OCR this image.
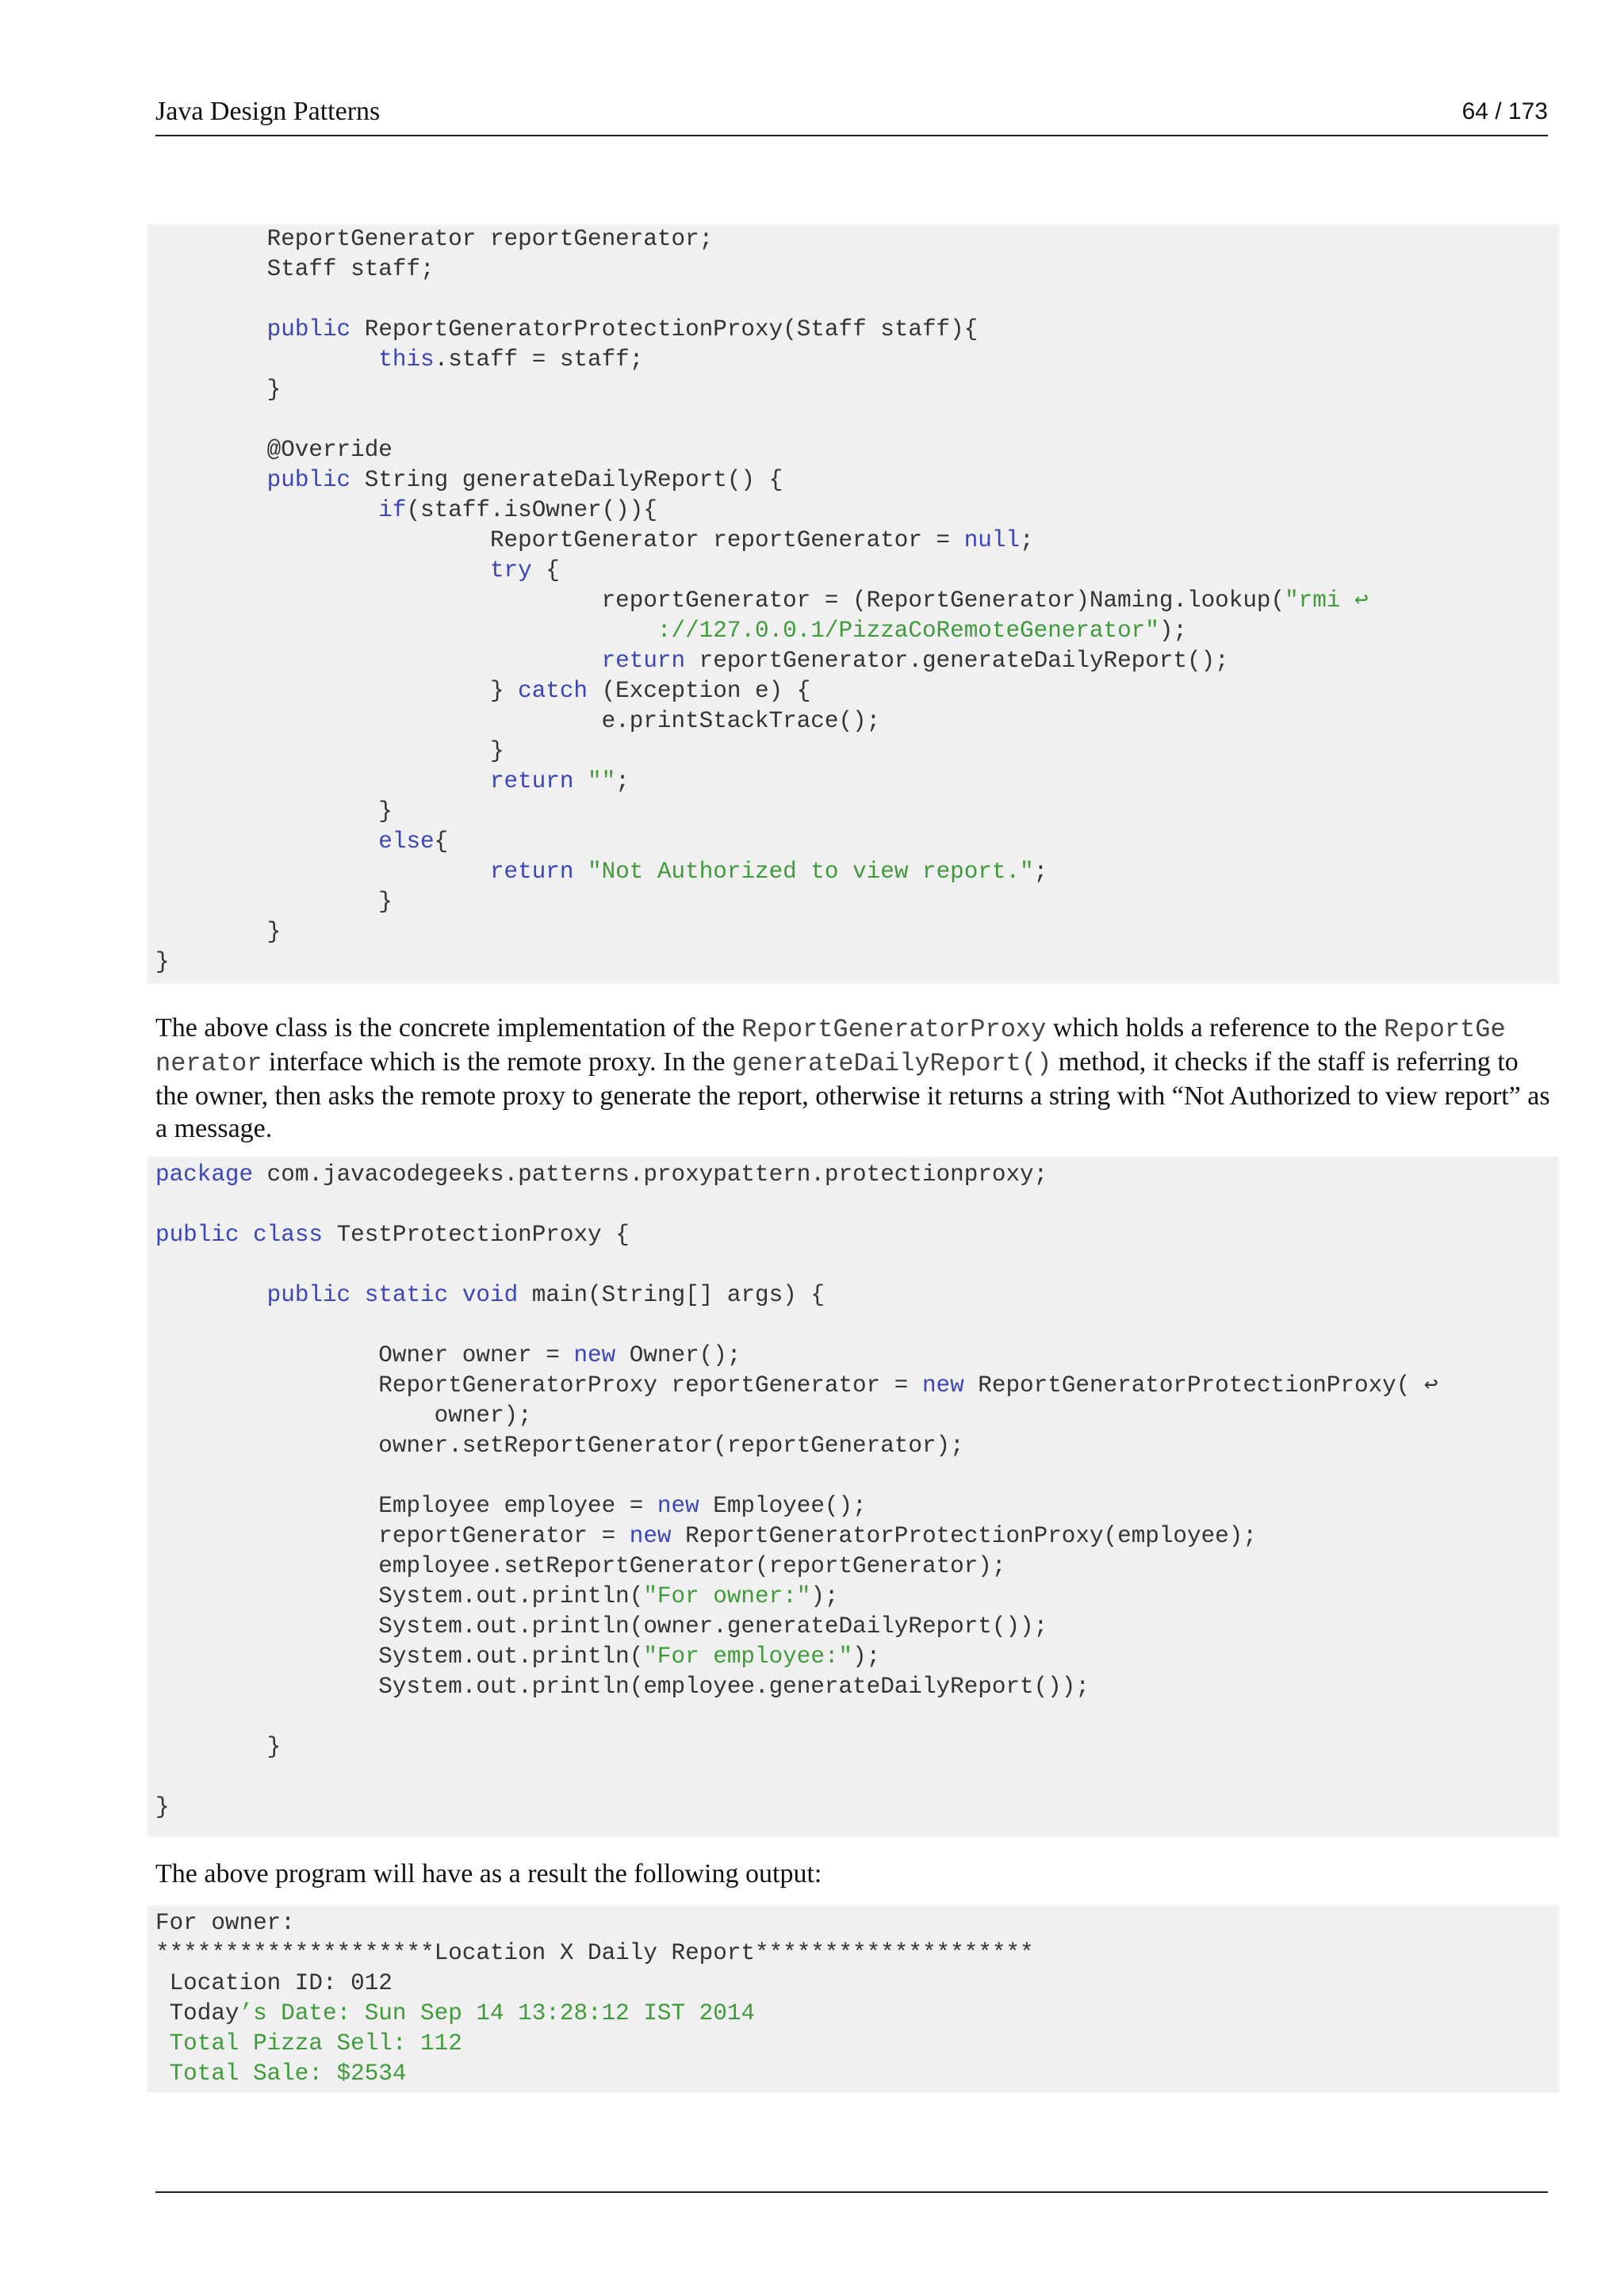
Java Design Patterns	64 / 173
ReportGenerator reportGenerator;
Staff staff;
public ReportGeneratorProtectionProxy(Staff staff){
this.staff = staff;
}
@Override
public String generateDailyReport() {
if(staff.isOwner()){
ReportGenerator reportGenerator = null;
try {
reportGenerator = (ReportGenerator)Naming.lookup("rmi ↩
://127.0.0.1/PizzaCoRemoteGenerator");
return reportGenerator.generateDailyReport();
} catch (Exception e) {
e.printStackTrace();
}
return "";
}
else{
return "Not Authorized to view report.";
}
}
}

The above class is the concrete implementation of the ReportGeneratorProxy which holds a reference to the ReportGe nerator interface which is the remote proxy. In the generateDailyReport() method, it checks if the staff is referring to the owner, then asks the remote proxy to generate the report, otherwise it returns a string with “Not Authorized to view report” as a message.

package com.javacodegeeks.patterns.proxypattern.protectionproxy;
public class TestProtectionProxy {
public static void main(String[] args) {
Owner owner = new Owner();
ReportGeneratorProxy reportGenerator = new ReportGeneratorProtectionProxy( ↩
owner);
owner.setReportGenerator(reportGenerator);
Employee employee = new Employee();
reportGenerator = new ReportGeneratorProtectionProxy(employee);
employee.setReportGenerator(reportGenerator);
System.out.println("For owner:");
System.out.println(owner.generateDailyReport());
System.out.println("For employee:");
System.out.println(employee.generateDailyReport());
}
}

The above program will have as a result the following output:

For owner:
********************Location X Daily Report********************
Location ID: 012
Today’s Date: Sun Sep 14 13:28:12 IST 2014
Total Pizza Sell: 112
Total Sale: $2534
